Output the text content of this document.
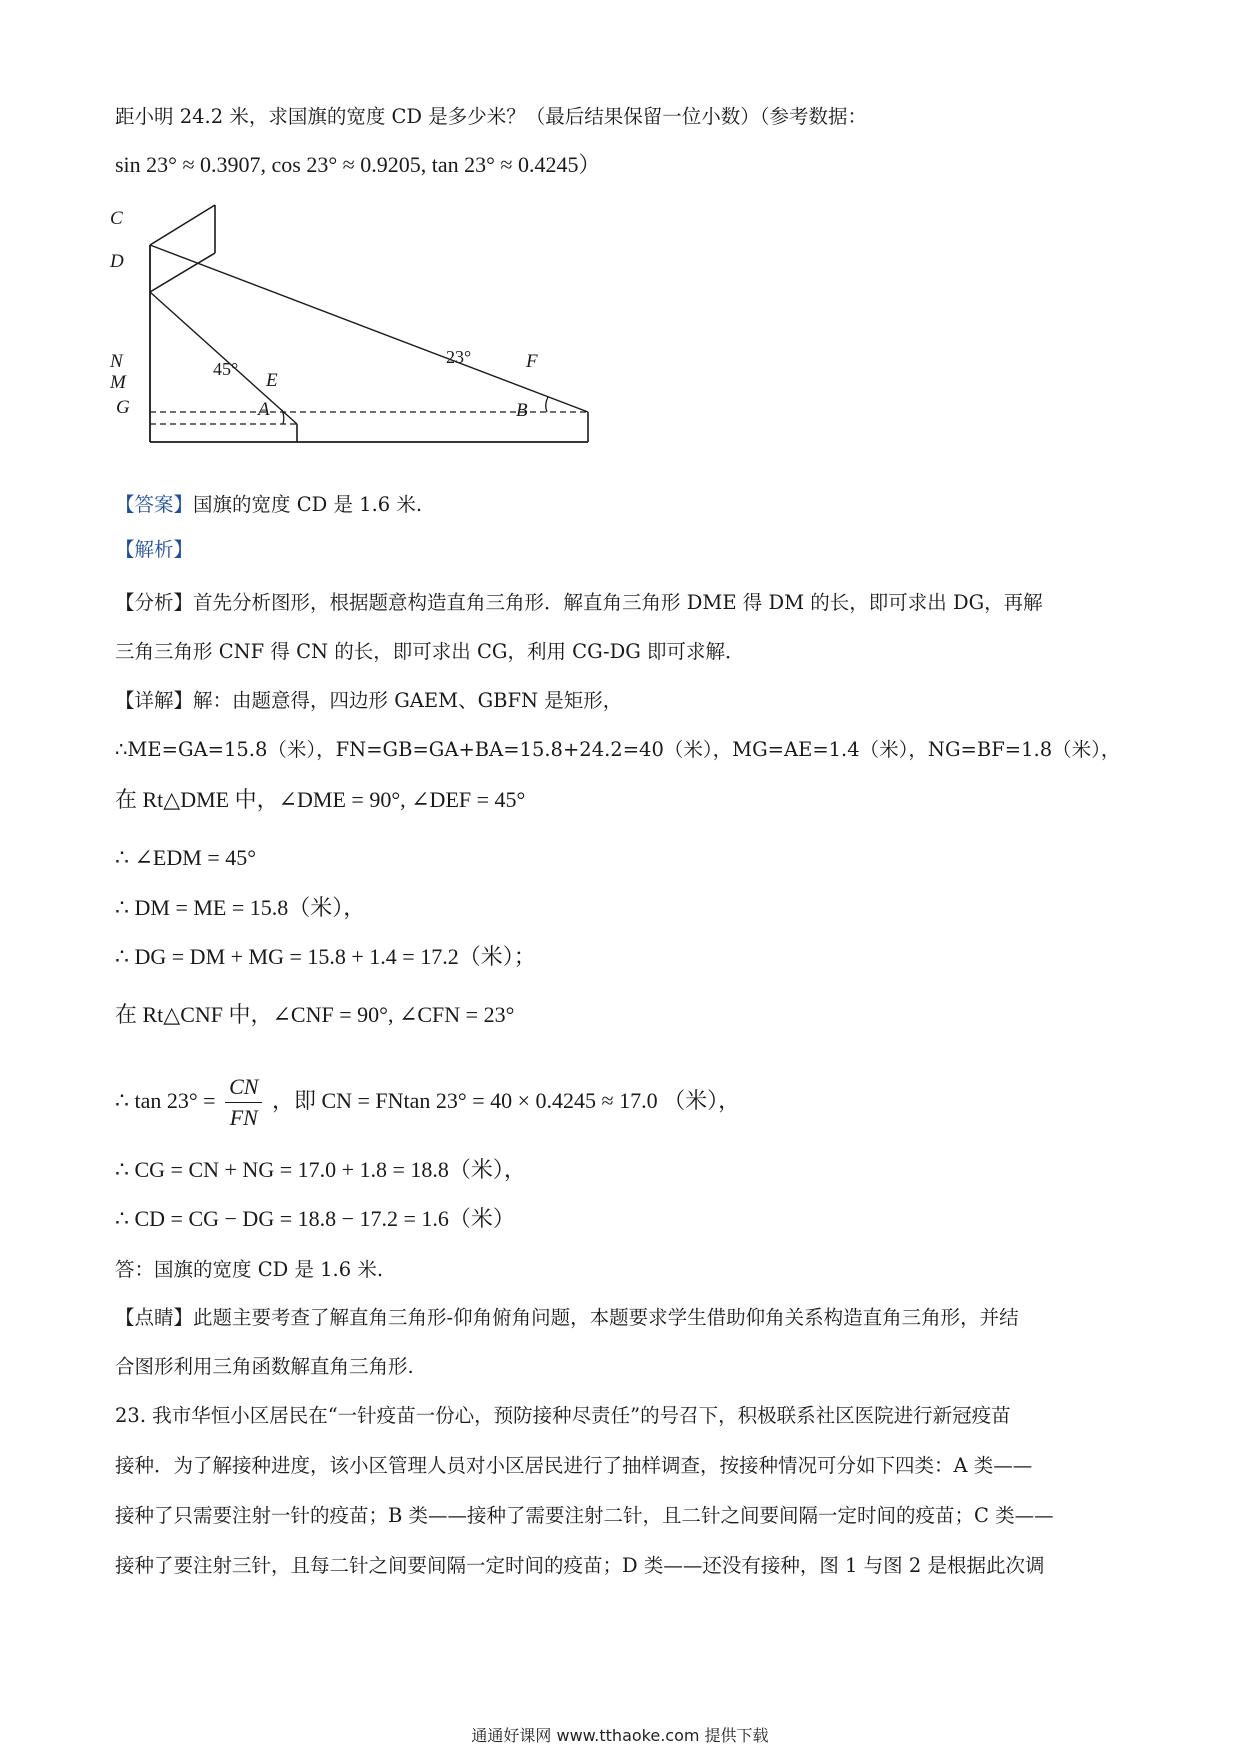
距小明 24.2 米，求国旗的宽度 CD 是多少米？（最后结果保留一位小数）（参考数据：
sin 23° ≈ 0.3907, cos 23° ≈ 0.9205, tan 23° ≈ 0.4245）
C
D
N
M
G
E
A
F
B
45°
23°
【答案】国旗的宽度 CD 是 1.6 米.
【解析】
【分析】首先分析图形，根据题意构造直角三角形．解直角三角形 DME 得 DM 的长，即可求出 DG，再解
三角三角形 CNF 得 CN 的长，即可求出 CG，利用 CG-DG 即可求解．
【详解】解：由题意得，四边形 GAEM、GBFN 是矩形，
∴ME=GA=15.8（米），FN=GB=GA+BA=15.8+24.2=40（米），MG=AE=1.4（米），NG=BF=1.8（米），
在 Rt△DME 中，∠DME = 90°, ∠DEF = 45°
∴ ∠EDM = 45°
∴ DM = ME = 15.8（米），
∴ DG = DM + MG = 15.8 + 1.4 = 17.2（米）；
在 Rt△CNF 中，∠CNF = 90°, ∠CFN = 23°
∴ $\tan 23^\circ = \frac{CN}{FN}$ ，即 CN = FN⁢tan 23° = 40 × 0.4245 ≈ 17.0 （米），
∴ CG = CN + NG = 17.0 + 1.8 = 18.8（米），
∴ CD = CG − DG = 18.8 − 17.2 = 1.6（米）
答：国旗的宽度 CD 是 1.6 米.
【点睛】此题主要考查了解直角三角形-仰角俯角问题，本题要求学生借助仰角关系构造直角三角形，并结
合图形利用三角函数解直角三角形.
23. 我市华恒小区居民在“一针疫苗一份心，预防接种尽责任”的号召下，积极联系社区医院进行新冠疫苗
接种．为了解接种进度，该小区管理人员对小区居民进行了抽样调查，按接种情况可分如下四类：A 类——
接种了只需要注射一针的疫苗；B 类——接种了需要注射二针，且二针之间要间隔一定时间的疫苗；C 类——
接种了要注射三针，且每二针之间要间隔一定时间的疫苗；D 类——还没有接种，图 1 与图 2 是根据此次调
通通好课网 www.tthaoke.com 提供下载
